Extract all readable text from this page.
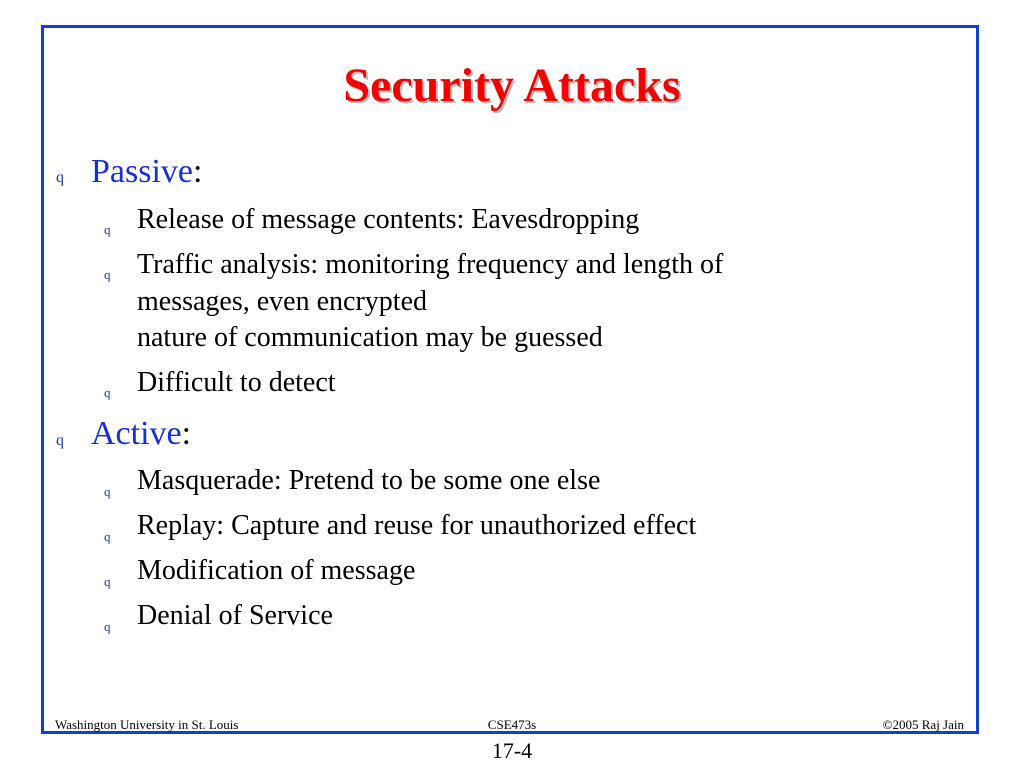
Security Attacks
q Passive:
q Release of message contents: Eavesdropping
q Traffic analysis: monitoring frequency and length of
messages, even encrypted
nature of communication may be guessed
q Difficult to detect
q Active:
q Masquerade: Pretend to be some one else
q Replay: Capture and reuse for unauthorized effect
q Modification of message
q Denial of Service
Washington University in St. Louis	CSE473s	©2005 Raj Jain
17-4
